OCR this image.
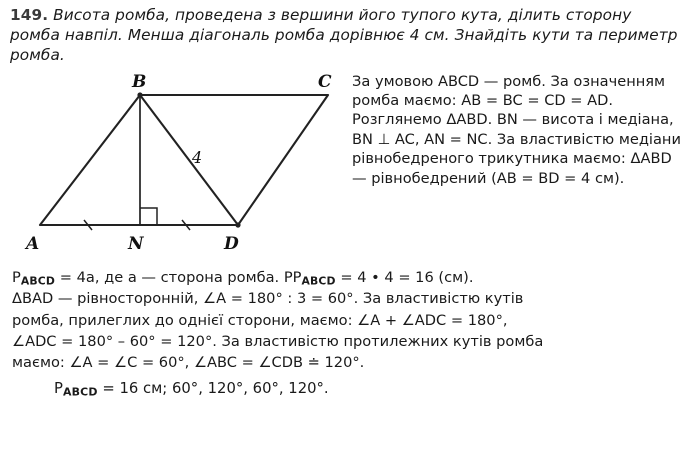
149. Висота ромба, проведена з вершини його тупого кута, ділить сторону ромба навпіл. Менша діагональ ромба дорівнює 4 см. Знайдіть кути та периметр ромба.

B	C
A	N	D
4
За умовою ABCD — ромб. За означенням ромба маємо: AB = BC = CD = AD. Розглянемо ΔABD. BN — висота і медіана, BN ⊥ AC, AN = NC. За властивістю медіани рівнобедреного трикутника маємо: ΔABD — рівнобедрений (AB = BD = 4 см).

$P_{ABCD} = 4a$, де a — сторона ромба. $PP_{ABCD} = 4$ • 4 = 16 (см).

ΔBAD — рівносторонній, ∠A = 180° : 3 = 60°. За властивістю кутів

ромба, прилеглих до однієї сторони, маємо: ∠A + ∠ADC = 180°,

∠ADC = 180° – 60° = 120°. За властивістю протилежних кутів ромба

маємо: ∠A = ∠C = 60°, ∠ABC = ∠CDB ≐ 120°.

$P_{ABCD} = 16$ см; 60°, 120°, 60°, 120°.
